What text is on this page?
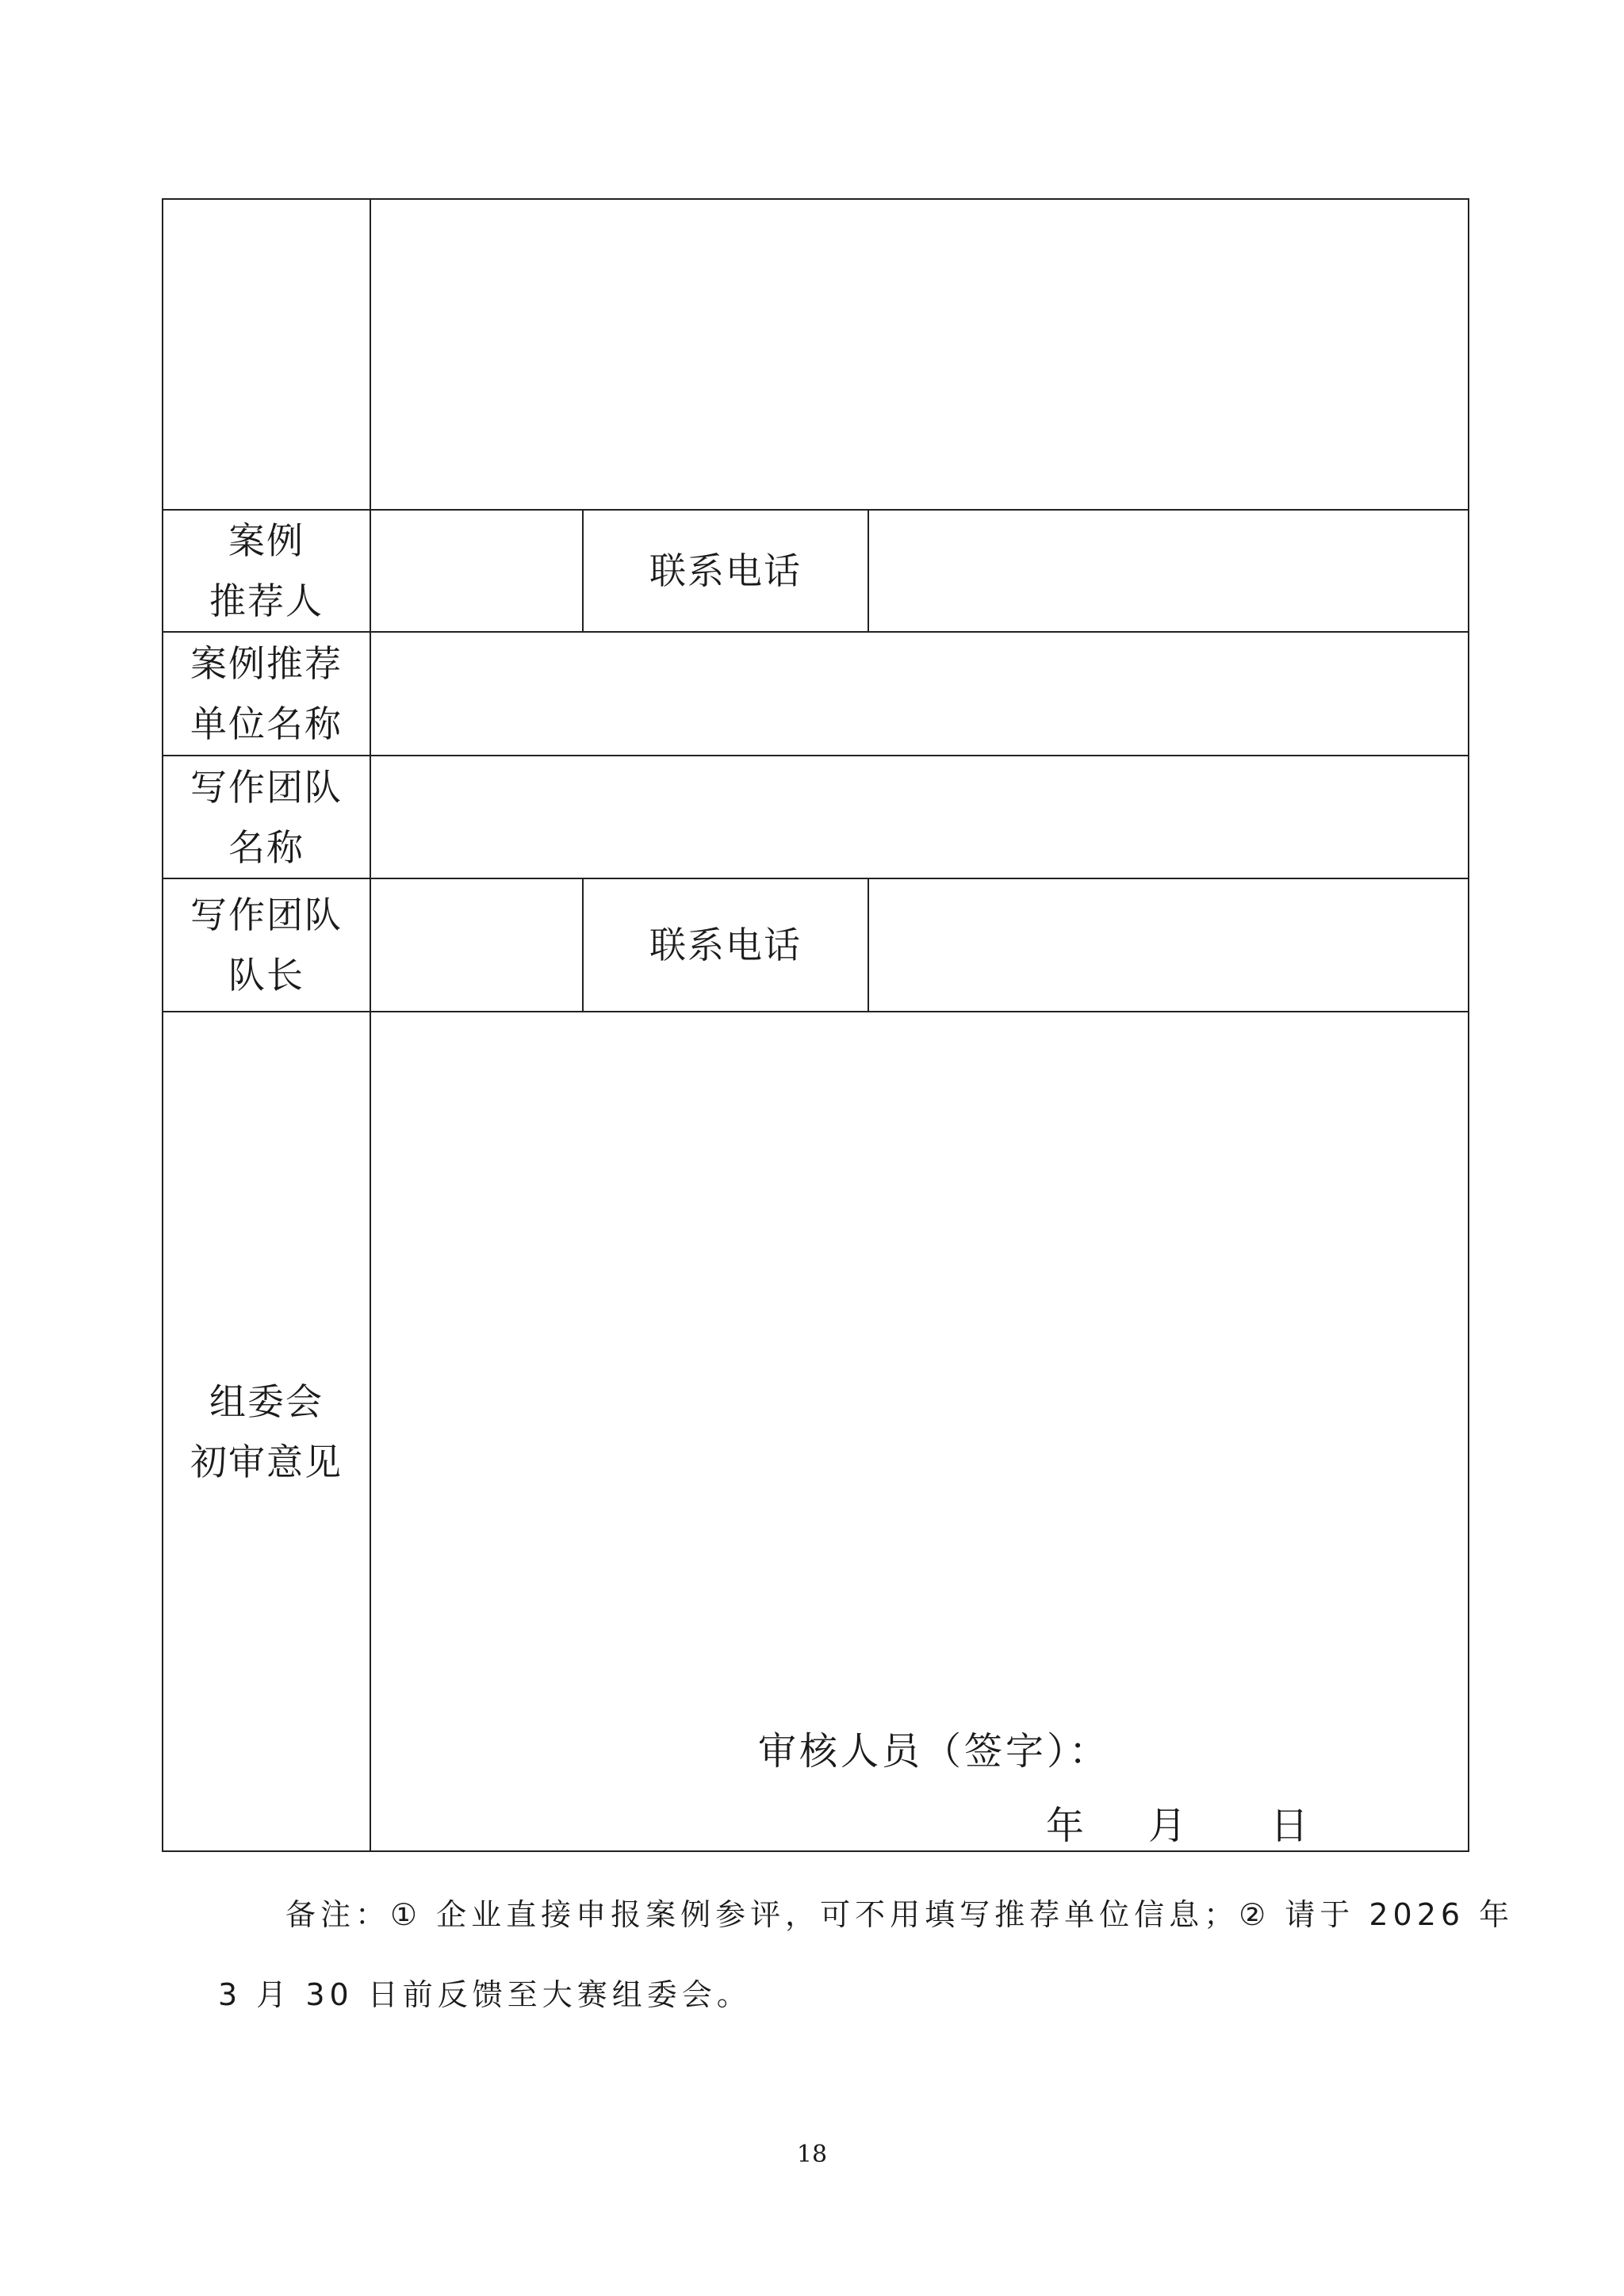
案例
推荐人
联系电话
案例推荐
单位名称
写作团队
名称
写作团队
队长
联系电话
组委会
初审意见
审核人员（签字）：
年 月 日
备注：① 企业直接申报案例参评，可不用填写推荐单位信息；② 请于 2026 年
3 月 30 日前反馈至大赛组委会。
18
